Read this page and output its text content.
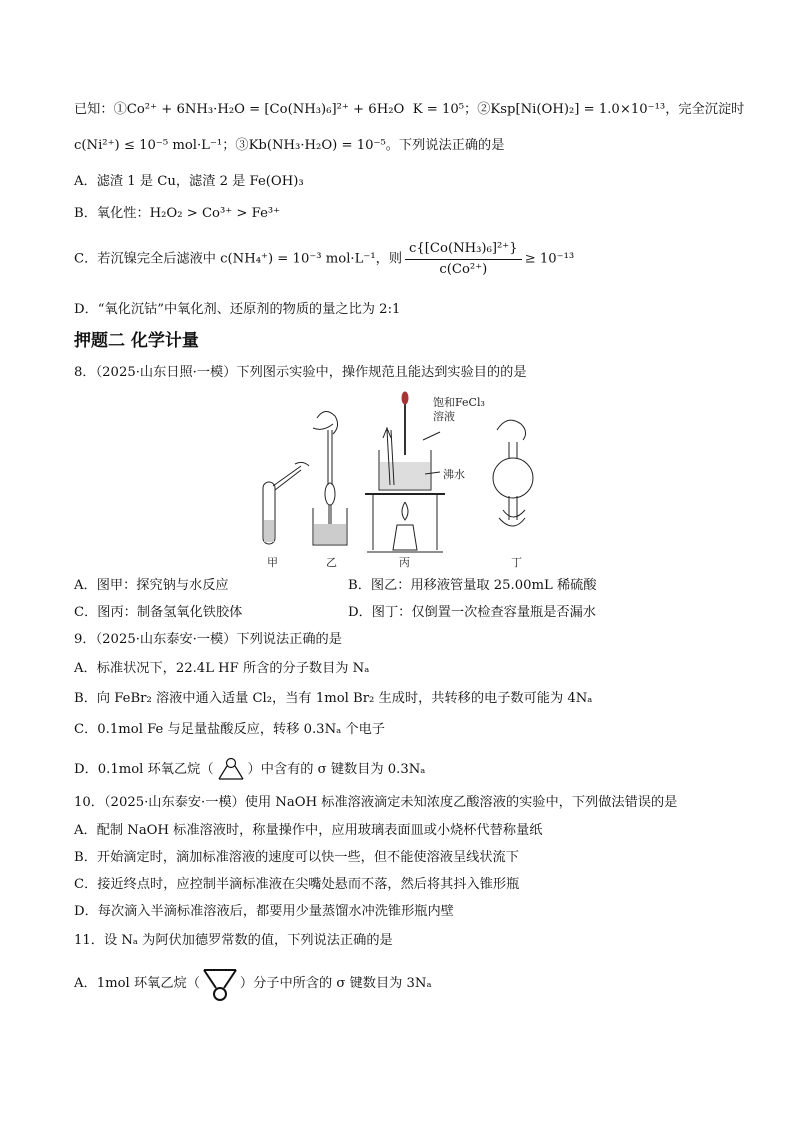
已知：①Co²⁺ + 6NH₃·H₂O = [Co(NH₃)₆]²⁺ + 6H₂O K = 10⁵；②Ksp[Ni(OH)₂] = 1.0×10⁻¹³，完全沉淀时
c(Ni²⁺) ≤ 10⁻⁵ mol·L⁻¹；③Kb(NH₃·H₂O) = 10⁻⁵。下列说法正确的是
A．滤渣 1 是 Cu，滤渣 2 是 Fe(OH)₃
B．氧化性：H₂O₂ > Co³⁺ > Fe³⁺
C．若沉镍完全后滤液中 c(NH₄⁺) = 10⁻³ mol·L⁻¹，则 $\frac{\text{c\{[Co(NH₃)₆]²⁺\}}}{\text{c(Co²⁺)}} \ge 10^{-13}$
D．“氧化沉钴”中氧化剂、还原剂的物质的量之比为 2:1
押题二 化学计量
8．（2025·山东日照·一模）下列图示实验中，操作规范且能达到实验目的的是
饱和FeCl₃
溶液
沸水
甲	乙	丙	丁
A．图甲：探究钠与水反应	B．图乙：用移液管量取 25.00mL 稀硫酸
C．图丙：制备氢氧化铁胶体	D．图丁：仅倒置一次检查容量瓶是否漏水
9．（2025·山东泰安·一模）下列说法正确的是
A．标准状况下，22.4L HF 所含的分子数目为 Nₐ
B．向 FeBr₂ 溶液中通入适量 Cl₂，当有 1mol Br₂ 生成时，共转移的电子数可能为 4Nₐ
C．0.1mol Fe 与足量盐酸反应，转移 0.3Nₐ 个电子
D．0.1mol 环氧乙烷（	）中含有的 σ 键数目为 0.3Nₐ
10．（2025·山东泰安·一模）使用 NaOH 标准溶液滴定未知浓度乙酸溶液的实验中，下列做法错误的是
A．配制 NaOH 标准溶液时，称量操作中，应用玻璃表面皿或小烧杯代替称量纸
B．开始滴定时，滴加标准溶液的速度可以快一些，但不能使溶液呈线状流下
C．接近终点时，应控制半滴标准液在尖嘴处悬而不落，然后将其抖入锥形瓶
D．每次滴入半滴标准溶液后，都要用少量蒸馏水冲洗锥形瓶内壁
11．设 Nₐ 为阿伏加德罗常数的值，下列说法正确的是
A．1mol 环氧乙烷（	）分子中所含的 σ 键数目为 3Nₐ
